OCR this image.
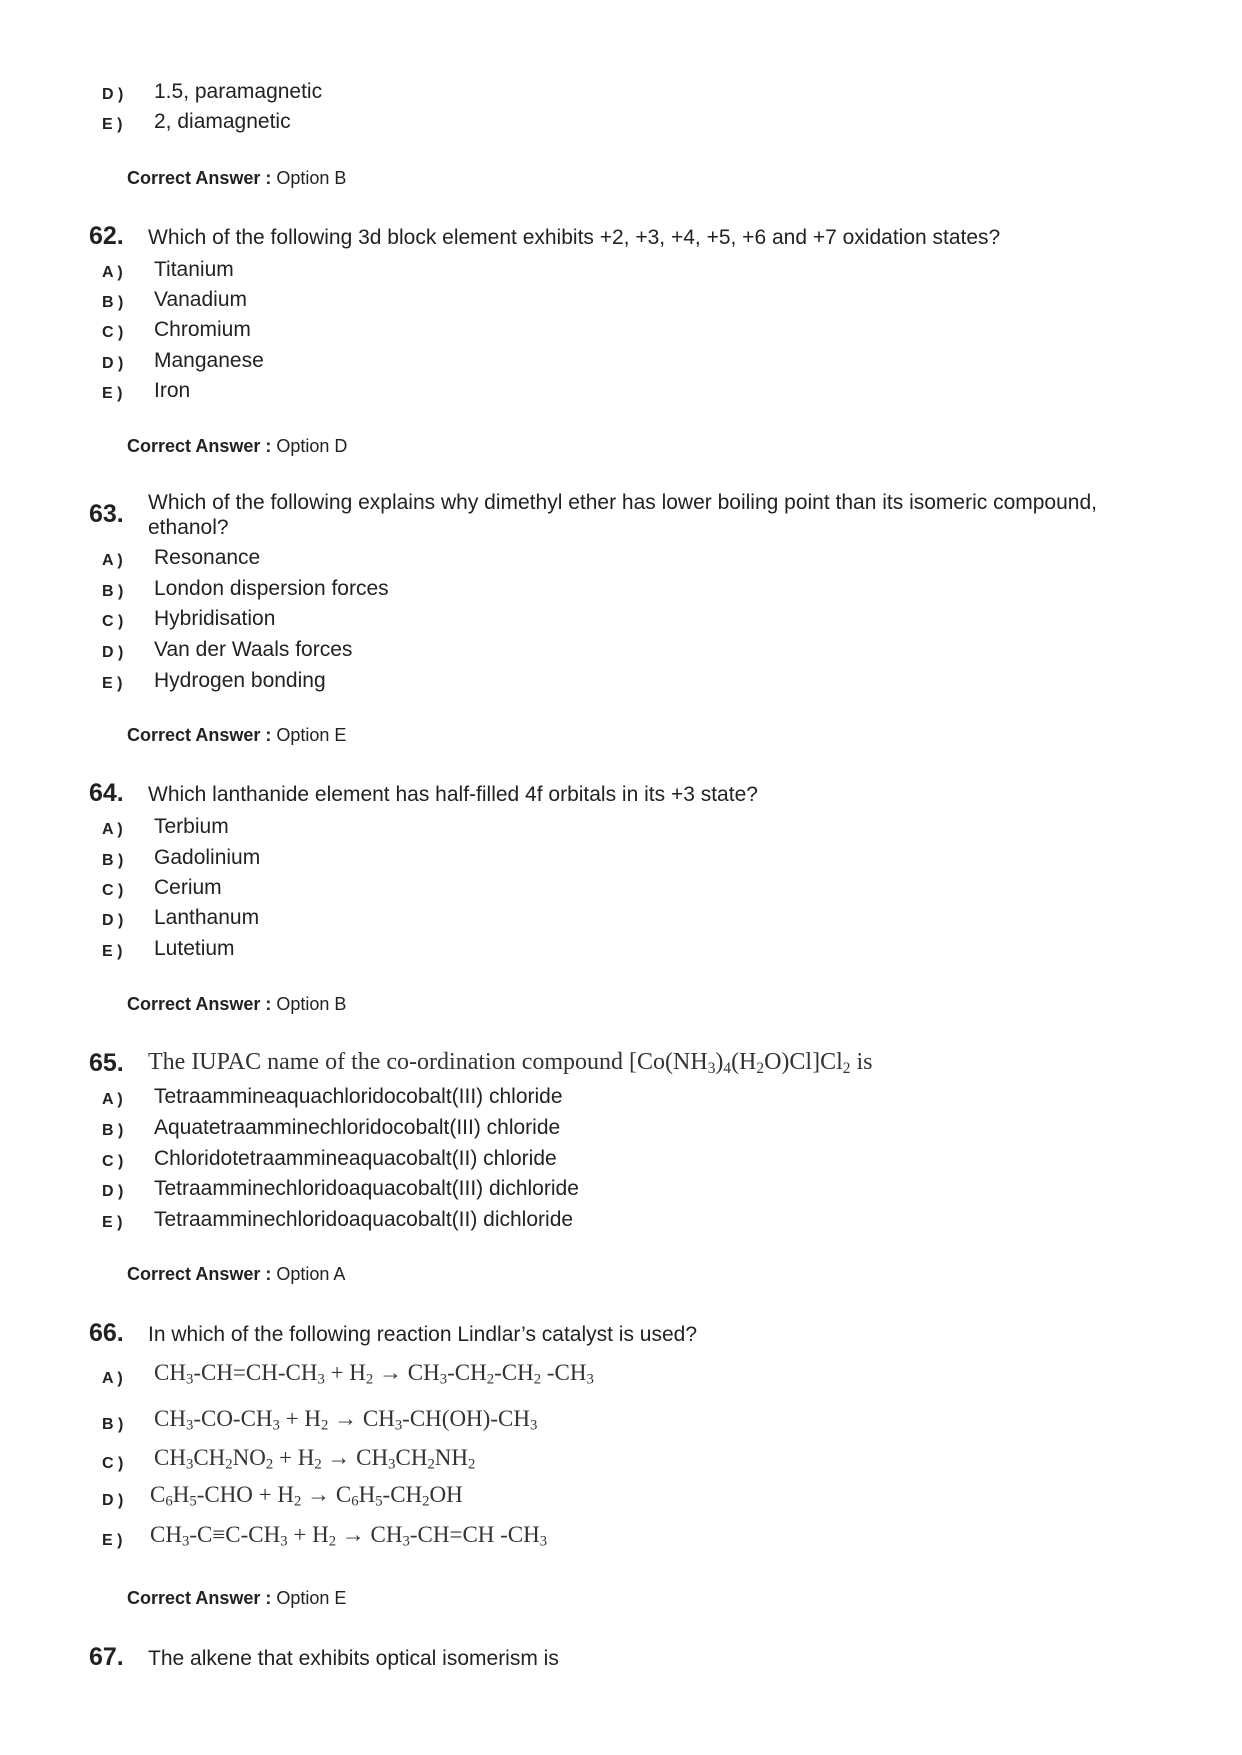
D )	1.5, paramagnetic
E )	2, diamagnetic
Correct Answer : Option B
62. Which of the following 3d block element exhibits +2, +3, +4, +5, +6 and +7 oxidation states?
A )	Titanium
B )	Vanadium
C )	Chromium
D )	Manganese
E )	Iron
Correct Answer : Option D
63. Which of the following explains why dimethyl ether has lower boiling point than its isomeric compound, ethanol?
A )	Resonance
B )	London dispersion forces
C )	Hybridisation
D )	Van der Waals forces
E )	Hydrogen bonding
Correct Answer : Option E
64. Which lanthanide element has half-filled 4f orbitals in its +3 state?
A )	Terbium
B )	Gadolinium
C )	Cerium
D )	Lanthanum
E )	Lutetium
Correct Answer : Option B
65. The IUPAC name of the co-ordination compound $[Co(NH_3)_4(H_2O)Cl]Cl_2$ is
A )	Tetraammineaquachloridocobalt(III) chloride
B )	Aquatetraamminechloridocobalt(III) chloride
C )	Chloridotetraammineaquacobalt(II) chloride
D )	Tetraamminechloridoaquacobalt(III) dichloride
E )	Tetraamminechloridoaquacobalt(II) dichloride
Correct Answer : Option A
66. In which of the following reaction Lindlar’s catalyst is used?
A )	$CH_3-CH=CH-CH_3 + H_2 \to CH_3-CH_2-CH_2$ $-CH_3$
B )	$CH_3-CO-CH_3 + H_2 \to CH_3-CH(OH)-CH_3$
C )	$CH_3CH_2NO_2 + H_2 \to CH_3CH_2NH_2$
D )	$C_6H_5$-CHO + $H_2 \to C_6H_5-CH_2OH$
E )	$CH_3-C\equiv C-CH_3 + H_2 \to CH_3-CH=CH$ $-CH_3$
Correct Answer : Option E
67. The alkene that exhibits optical isomerism is
